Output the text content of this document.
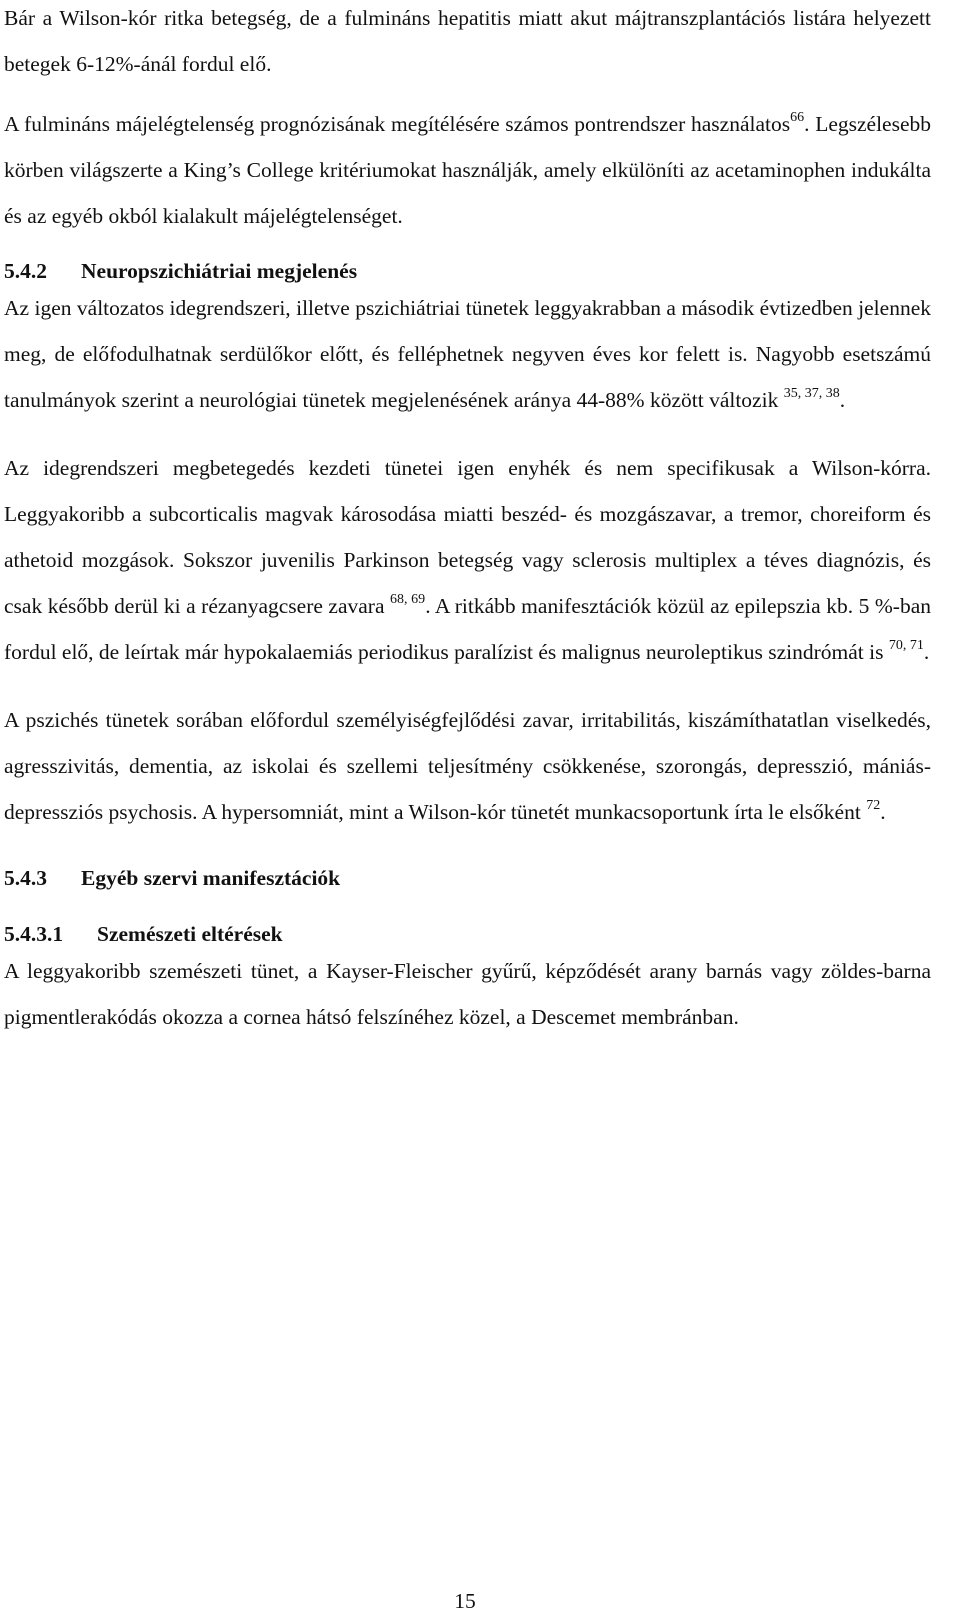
Bár a Wilson-kór ritka betegség, de a fulmináns hepatitis miatt akut májtranszplantációs listára helyezett betegek 6-12%-ánál fordul elő.

A fulmináns májelégtelenség prognózisának megítélésére számos pontrendszer használatos$^{66}$. Legszélesebb körben világszerte a King’s College kritériumokat használják, amely elkülöníti az acetaminophen indukálta és az egyéb okból kialakult májelégtelenséget.

5.4.2 Neuropszichiátriai megjelenés

Az igen változatos idegrendszeri, illetve pszichiátriai tünetek leggyakrabban a második évtizedben jelennek meg, de előfodulhatnak serdülőkor előtt, és felléphetnek negyven éves kor felett is. Nagyobb esetszámú tanulmányok szerint a neurológiai tünetek megjelenésének aránya 44-88% között változik $^{35, 37, 38}$.

Az idegrendszeri megbetegedés kezdeti tünetei igen enyhék és nem specifikusak a Wilson-kórra. Leggyakoribb a subcorticalis magvak károsodása miatti beszéd- és mozgászavar, a tremor, choreiform és athetoid mozgások. Sokszor juvenilis Parkinson betegség vagy sclerosis multiplex a téves diagnózis, és csak később derül ki a rézanyagcsere zavara $^{68, 69}$. A ritkább manifesztációk közül az epilepszia kb. 5 %-ban fordul elő, de leírtak már hypokalaemiás periodikus paralízist és malignus neuroleptikus szindrómát is $^{70, 71}$.

A pszichés tünetek sorában előfordul személyiségfejlődési zavar, irritabilitás, kiszámíthatatlan viselkedés, agresszivitás, dementia, az iskolai és szellemi teljesítmény csökkenése, szorongás, depresszió, mániás-depressziós psychosis. A hypersomniát, mint a Wilson-kór tünetét munkacsoportunk írta le elsőként $^{72}$.

5.4.3 Egyéb szervi manifesztációk
5.4.3.1 Szemészeti eltérések

A leggyakoribb szemészeti tünet, a Kayser-Fleischer gyűrű, képződését arany barnás vagy zöldes-barna pigmentlerakódás okozza a cornea hátsó felszínéhez közel, a Descemet membránban.

15
